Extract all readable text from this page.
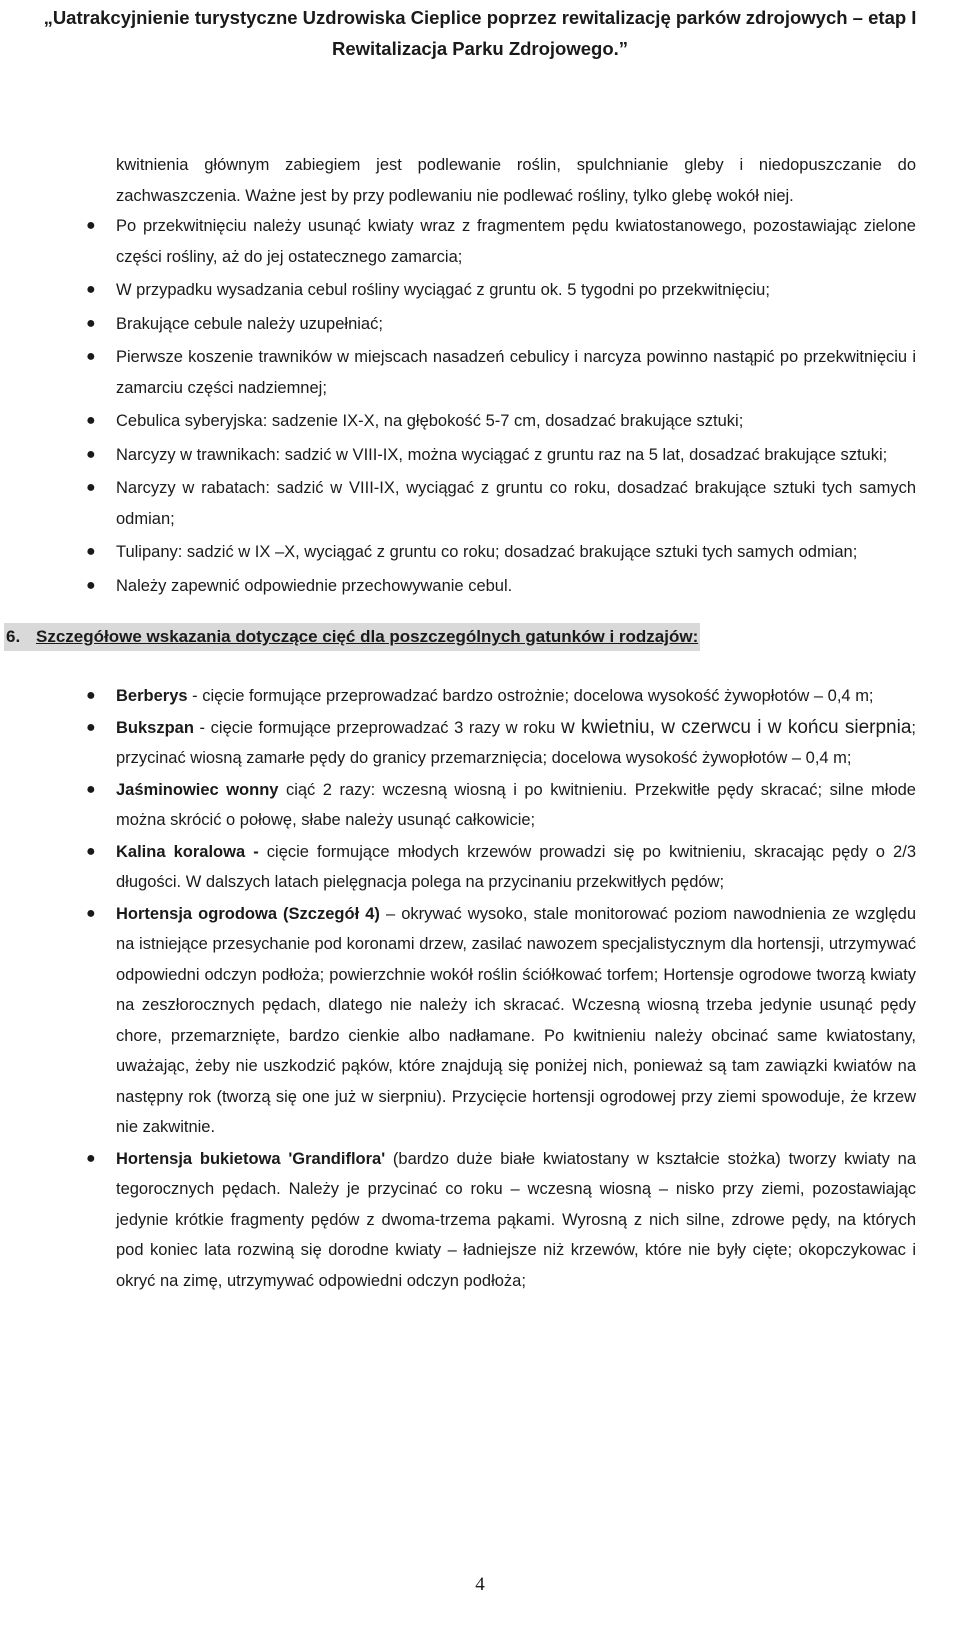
„Uatrakcyjnienie turystyczne Uzdrowiska Cieplice poprzez rewitalizację parków zdrojowych – etap I
Rewitalizacja Parku Zdrojowego.”

kwitnienia głównym zabiegiem jest podlewanie roślin, spulchnianie gleby i niedopuszczanie do zachwaszczenia. Ważne jest by przy podlewaniu nie podlewać rośliny, tylko glebę wokół niej.

● Po przekwitnięciu należy usunąć kwiaty wraz z fragmentem pędu kwiatostanowego, pozostawiając zielone części rośliny, aż do jej ostatecznego zamarcia;
● W przypadku wysadzania cebul rośliny wyciągać z gruntu ok. 5 tygodni po przekwitnięciu;
● Brakujące cebule należy uzupełniać;
● Pierwsze koszenie trawników w miejscach nasadzeń cebulicy i narcyza powinno nastąpić po przekwitnięciu i zamarciu części nadziemnej;
● Cebulica syberyjska: sadzenie IX-X, na głębokość 5-7 cm, dosadzać brakujące sztuki;
● Narcyzy w trawnikach: sadzić w VIII-IX, można wyciągać z gruntu raz na 5 lat, dosadzać brakujące sztuki;
● Narcyzy w rabatach: sadzić w VIII-IX, wyciągać z gruntu co roku, dosadzać brakujące sztuki tych samych odmian;
● Tulipany: sadzić w IX –X, wyciągać z gruntu co roku; dosadzać brakujące sztuki tych samych odmian;
● Należy zapewnić odpowiednie przechowywanie cebul.
6. Szczegółowe wskazania dotyczące cięć dla poszczególnych gatunków i rodzajów:
● Berberys - cięcie formujące przeprowadzać bardzo ostrożnie; docelowa wysokość żywopłotów – 0,4 m;
● Bukszpan - cięcie formujące przeprowadzać 3 razy w roku w kwietniu, w czerwcu i w końcu sierpnia; przycinać wiosną zamarłe pędy do granicy przemarznięcia; docelowa wysokość żywopłotów – 0,4 m;
● Jaśminowiec wonny ciąć 2 razy: wczesną wiosną i po kwitnieniu. Przekwitłe pędy skracać; silne młode można skrócić o połowę, słabe należy usunąć całkowicie;
● Kalina koralowa - cięcie formujące młodych krzewów prowadzi się po kwitnieniu, skracając pędy o 2/3 długości. W dalszych latach pielęgnacja polega na przycinaniu przekwitłych pędów;
● Hortensja ogrodowa (Szczegół 4) – okrywać wysoko, stale monitorować poziom nawodnienia ze względu na istniejące przesychanie pod koronami drzew, zasilać nawozem specjalistycznym dla hortensji, utrzymywać odpowiedni odczyn podłoża; powierzchnie wokół roślin ściółkować torfem; Hortensje ogrodowe tworzą kwiaty na zeszłorocznych pędach, dlatego nie należy ich skracać. Wczesną wiosną trzeba jedynie usunąć pędy chore, przemarznięte, bardzo cienkie albo nadłamane. Po kwitnieniu należy obcinać same kwiatostany, uważając, żeby nie uszkodzić pąków, które znajdują się poniżej nich, ponieważ są tam zawiązki kwiatów na następny rok (tworzą się one już w sierpniu). Przycięcie hortensji ogrodowej przy ziemi spowoduje, że krzew nie zakwitnie.
● Hortensja bukietowa 'Grandiflora' (bardzo duże białe kwiatostany w kształcie stożka) tworzy kwiaty na tegorocznych pędach. Należy je przycinać co roku – wczesną wiosną – nisko przy ziemi, pozostawiając jedynie krótkie fragmenty pędów z dwoma-trzema pąkami. Wyrosną z nich silne, zdrowe pędy, na których pod koniec lata rozwiną się dorodne kwiaty – ładniejsze niż krzewów, które nie były cięte; okopczykowac i okryć na zimę, utrzymywać odpowiedni odczyn podłoża;
4
